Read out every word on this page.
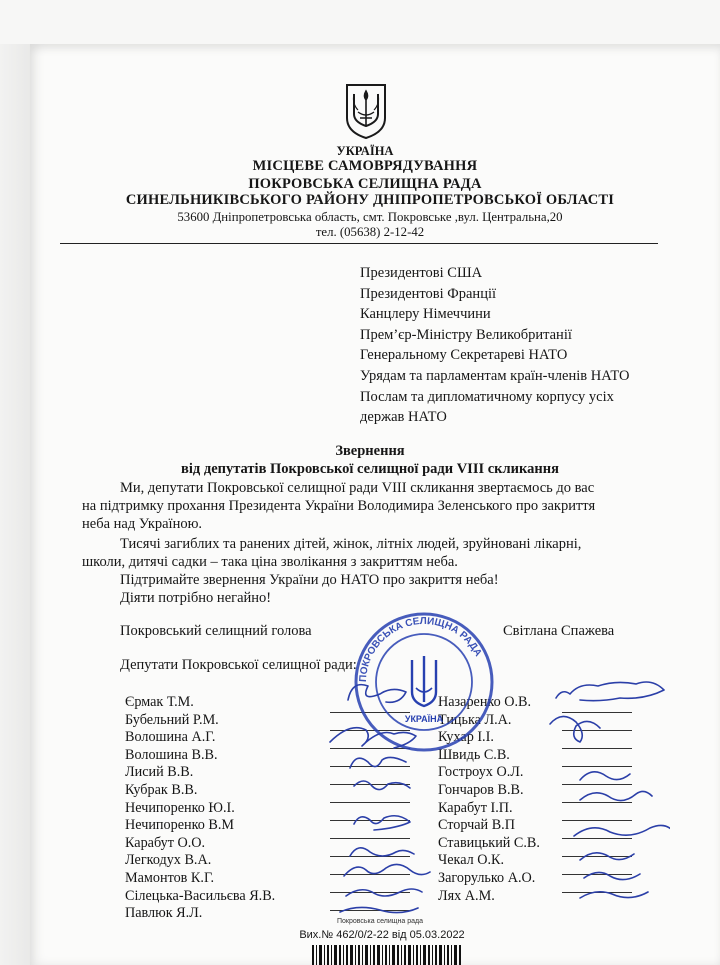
УКРАЇНА
МІСЦЕВЕ САМОВРЯДУВАННЯ
ПОКРОВСЬКА СЕЛИЩНА РАДА
СИНЕЛЬНИКІВСЬКОГО РАЙОНУ ДНІПРОПЕТРОВСЬКОЇ ОБЛАСТІ
53600 Дніпропетровська область, смт. Покровське ,вул. Центральна,20
тел. (05638) 2-12-42
Президентові США
Президентові Франції
Канцлеру Німеччини
Прем’єр-Міністру Великобританії
Генеральному Секретареві НАТО
Урядам та парламентам країн-членів НАТО
Послам та дипломатичному корпусу усіх
держав НАТО
Звернення
від депутатів Покровської селищної ради VIII скликання
Ми, депутати Покровської селищної ради VIII скликання звертаємось до вас
на підтримку прохання Президента України Володимира Зеленського про закриття
неба над Україною.
Тисячі загиблих та ранених дітей, жінок, літніх людей, зруйновані лікарні,
школи, дитячі садки – така ціна зволікання з закриттям неба.
Підтримайте звернення України до НАТО про закриття неба!
Діяти потрібно негайно!
Покровський селищний голова	Світлана Спажева
Депутати Покровської селищної ради:
Єрмак Т.М.
Бубельний Р.М.
Волошина А.Г.
Волошина В.В.
Лисий В.В.
Кубрак В.В.
Нечипоренко Ю.І.
Нечипоренко В.М
Карабут О.О.
Легкодух В.А.
Мамонтов К.Г.
Сілецька-Васильєва Я.В.
Павлюк Я.Л.
Назаренко О.В.
Тицька Л.А.
Кухар І.І.
Швидь С.В.
Гостроух О.Л.
Гончаров В.В.
Карабут І.П.
Сторчай В.П
Ставицький С.В.
Чекал О.К.
Загорулько А.О.
Лях А.М.
ПОКРОВСЬКА СЕЛИЩНА РАДА
УКРАЇНА
Покровська селищна рада
Вих.№ 462/0/2-22 від 05.03.2022
